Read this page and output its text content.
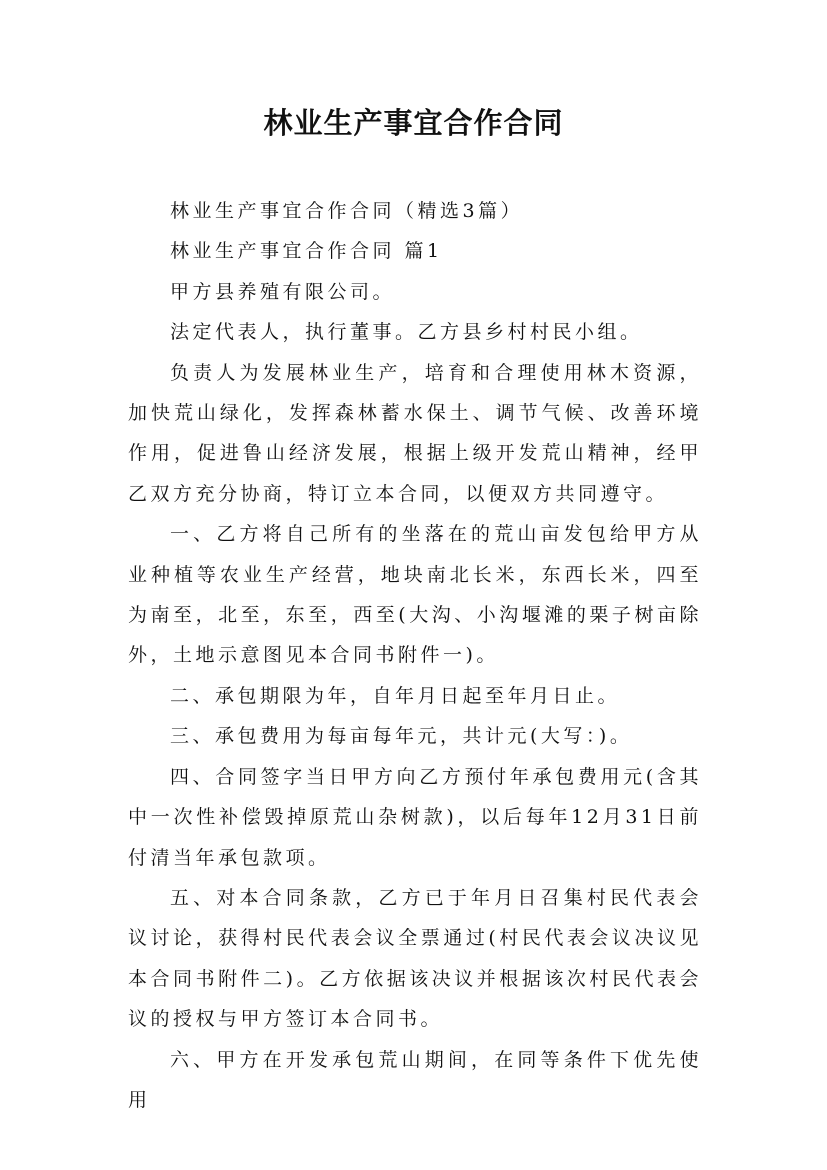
林业生产事宜合作合同

林业生产事宜合作合同（精选3篇）

林业生产事宜合作合同 篇1

甲方县养殖有限公司。

法定代表人，执行董事。乙方县乡村村民小组。

负责人为发展林业生产，培育和合理使用林木资源，加快荒山绿化，发挥森林蓄水保土、调节气候、改善环境作用，促进鲁山经济发展，根据上级开发荒山精神，经甲乙双方充分协商，特订立本合同，以便双方共同遵守。

一、乙方将自己所有的坐落在的荒山亩发包给甲方从业种植等农业生产经营，地块南北长米，东西长米，四至为南至，北至，东至，西至(大沟、小沟堰滩的栗子树亩除外，土地示意图见本合同书附件一)。

二、承包期限为年，自年月日起至年月日止。

三、承包费用为每亩每年元，共计元(大写：)。

四、合同签字当日甲方向乙方预付年承包费用元(含其中一次性补偿毁掉原荒山杂树款)，以后每年12月31日前付清当年承包款项。

五、对本合同条款，乙方已于年月日召集村民代表会议讨论，获得村民代表会议全票通过(村民代表会议决议见本合同书附件二)。乙方依据该决议并根据该次村民代表会议的授权与甲方签订本合同书。

六、甲方在开发承包荒山期间，在同等条件下优先使用
